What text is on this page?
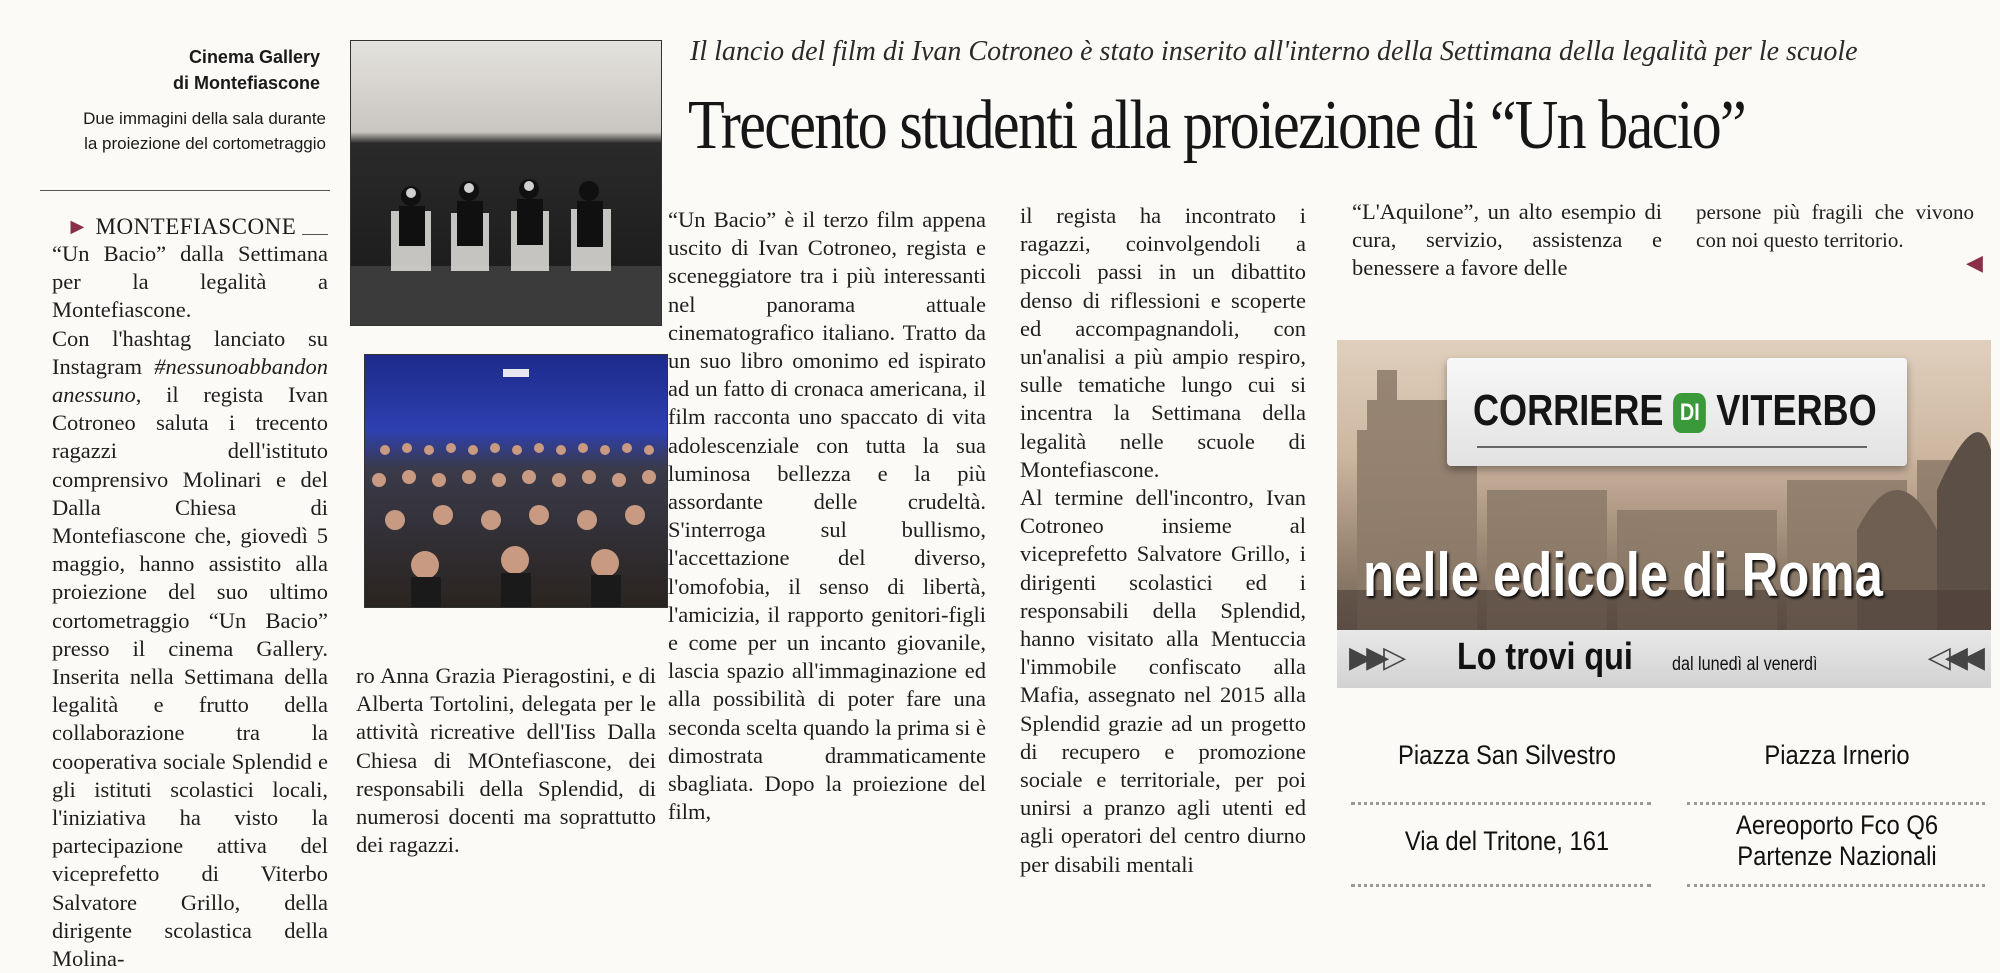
Cinema Gallery
di Montefiascone
Due immagini della sala durante
la proiezione del cortometraggio
Il lancio del film di Ivan Cotroneo è stato inserito all'interno della Settimana della legalità per le scuole
Trecento studenti alla proiezione di “Un bacio”
► MONTEFIASCONE

“Un Bacio” dalla Settimana per la legalità a Montefiascone.

Con l'hashtag lanciato su Instagram #nessunoabbandonanessuno, il regista Ivan Cotroneo saluta i trecento ragazzi dell'istituto comprensivo Molinari e del Dalla Chiesa di Montefiascone che, giovedì 5 maggio, hanno assistito alla proiezione del suo ultimo cortometraggio “Un Bacio” presso il cinema Gallery. Inserita nella Settimana della legalità e frutto della collaborazione tra la cooperativa sociale Splendid e gli istituti scolastici locali, l'iniziativa ha visto la partecipazione attiva del viceprefetto di Viterbo Salvatore Grillo, della dirigente scolastica della Molina-

ro Anna Grazia Pieragostini, e di Alberta Tortolini, delegata per le attività ricreative dell'Iiss Dalla Chiesa di MOntefiascone, dei responsabili della Splendid, di numerosi docenti ma soprattutto dei ragazzi.

“Un Bacio” è il terzo film appena uscito di Ivan Cotroneo, regista e sceneggiatore tra i più interessanti nel panorama attuale cinematografico italiano. Tratto da un suo libro omonimo ed ispirato ad un fatto di cronaca americana, il film racconta uno spaccato di vita adolescenziale con tutta la sua luminosa bellezza e la più assordante delle crudeltà. S'interroga sul bullismo, l'accettazione del diverso, l'omofobia, il senso di libertà, l'amicizia, il rapporto genitori-figli e come per un incanto giovanile, lascia spazio all'immaginazione ed alla possibilità di poter fare una seconda scelta quando la prima si è dimostrata drammaticamente sbagliata. Dopo la proiezione del film,

il regista ha incontrato i ragazzi, coinvolgendoli a piccoli passi in un dibattito denso di riflessioni e scoperte ed accompagnandoli, con un'analisi a più ampio respiro, sulle tematiche lungo cui si incentra la Settimana della legalità nelle scuole di Montefiascone.

Al termine dell'incontro, Ivan Cotroneo insieme al viceprefetto Salvatore Grillo, i dirigenti scolastici ed i responsabili della Splendid, hanno visitato alla Mentuccia l'immobile confiscato alla Mafia, assegnato nel 2015 alla Splendid grazie ad un progetto di recupero e promozione sociale e territoriale, per poi unirsi a pranzo agli utenti ed agli operatori del centro diurno per disabili mentali

“L'Aquilone”, un alto esempio di cura, servizio, assistenza e benessere a favore delle

persone più fragili che vivono con noi questo territorio.

◀
CORRIERE DI VITERBO
nelle edicole di Roma
▶▶▷ Lo trovi qui dal lunedì al venerdì	◁◀◀
Piazza San Silvestro	Piazza Irnerio
Via del Tritone, 161
Aereoporto Fco Q6
Partenze Nazionali
